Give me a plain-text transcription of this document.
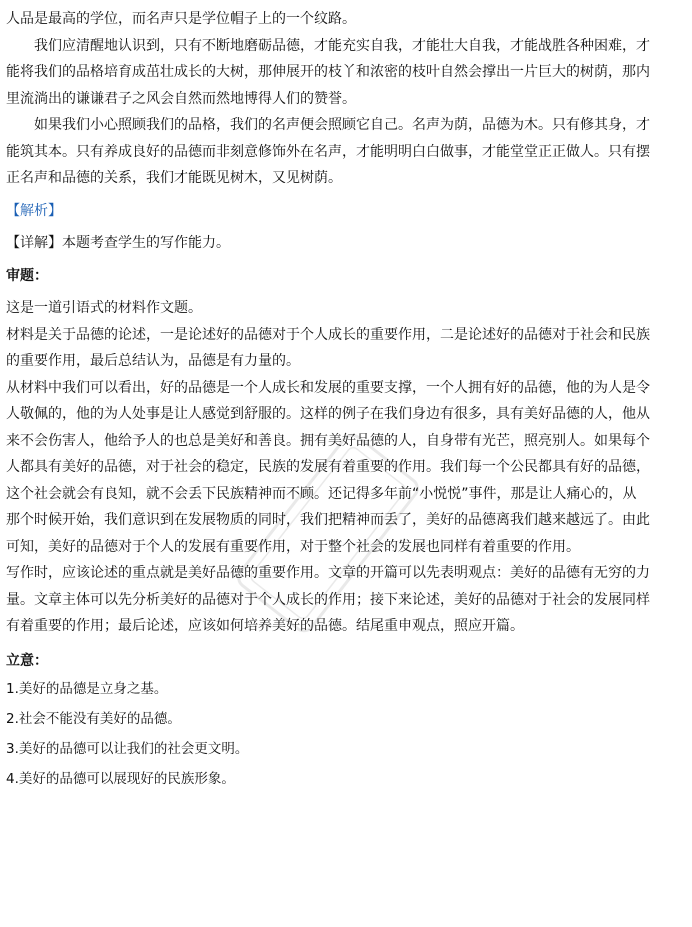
人品是最高的学位，而名声只是学位帽子上的一个纹路。
我们应清醒地认识到，只有不断地磨砺品德，才能充实自我，才能壮大自我，才能战胜各种困难，才
能将我们的品格培育成茁壮成长的大树，那伸展开的枝丫和浓密的枝叶自然会撑出一片巨大的树荫，那内
里流淌出的谦谦君子之风会自然而然地博得人们的赞誉。
如果我们小心照顾我们的品格，我们的名声便会照顾它自己。名声为荫，品德为木。只有修其身，才
能筑其本。只有养成良好的品德而非刻意修饰外在名声，才能明明白白做事，才能堂堂正正做人。只有摆
正名声和品德的关系，我们才能既见树木，又见树荫。
【解析】
【详解】本题考查学生的写作能力。
审题：
这是一道引语式的材料作文题。
材料是关于品德的论述，一是论述好的品德对于个人成长的重要作用，二是论述好的品德对于社会和民族
的重要作用，最后总结认为，品德是有力量的。
从材料中我们可以看出，好的品德是一个人成长和发展的重要支撑，一个人拥有好的品德，他的为人是令
人敬佩的，他的为人处事是让人感觉到舒服的。这样的例子在我们身边有很多，具有美好品德的人，他从
来不会伤害人，他给予人的也总是美好和善良。拥有美好品德的人，自身带有光芒，照亮别人。如果每个
人都具有美好的品德，对于社会的稳定，民族的发展有着重要的作用。我们每一个公民都具有好的品德，
这个社会就会有良知，就不会丢下民族精神而不顾。还记得多年前“小悦悦”事件，那是让人痛心的，从
那个时候开始，我们意识到在发展物质的同时，我们把精神而丢了，美好的品德离我们越来越远了。由此
可知，美好的品德对于个人的发展有重要作用，对于整个社会的发展也同样有着重要的作用。
写作时，应该论述的重点就是美好品德的重要作用。文章的开篇可以先表明观点：美好的品德有无穷的力
量。文章主体可以先分析美好的品德对于个人成长的作用；接下来论述，美好的品德对于社会的发展同样
有着重要的作用；最后论述，应该如何培养美好的品德。结尾重申观点，照应开篇。
立意：
1.美好的品德是立身之基。
2.社会不能没有美好的品德。
3.美好的品德可以让我们的社会更文明。
4.美好的品德可以展现好的民族形象。
